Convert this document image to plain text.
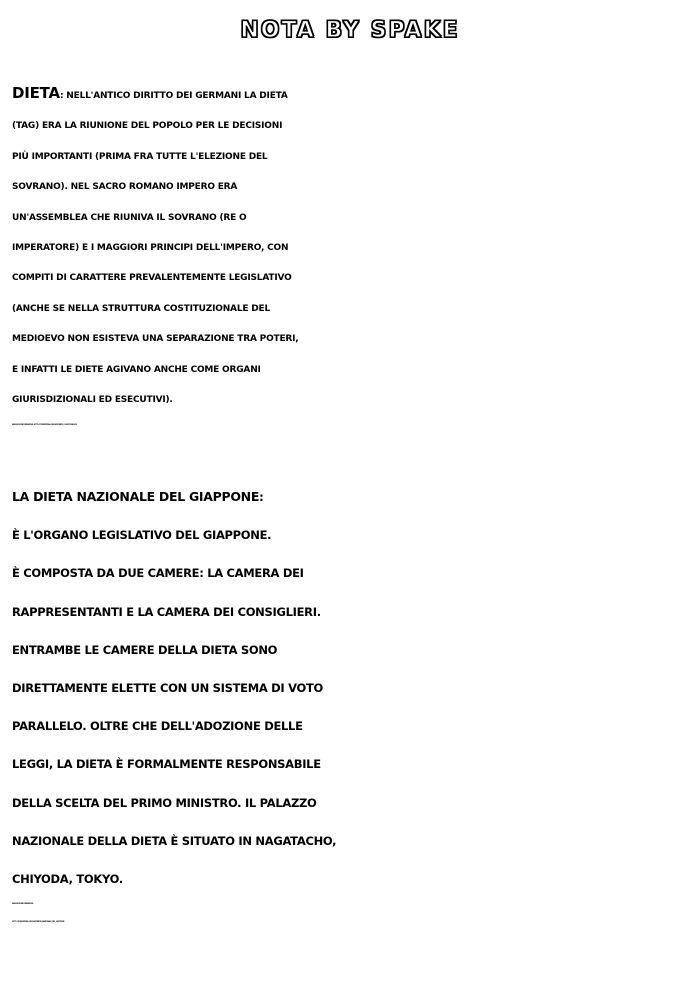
NOTA BY SPAKE
DIETA: NELL'ANTICO DIRITTO DEI GERMANI LA DIETA
(TAG) ERA LA RIUNIONE DEL POPOLO PER LE DECISIONI
PIÙ IMPORTANTI (PRIMA FRA TUTTE L'ELEZIONE DEL
SOVRANO). NEL SACRO ROMANO IMPERO ERA
UN'ASSEMBLEA CHE RIUNIVA IL SOVRANO (RE O
IMPERATORE) E I MAGGIORI PRINCIPI DELL'IMPERO, CON
COMPITI DI CARATTERE PREVALENTEMENTE LEGISLATIVO
(ANCHE SE NELLA STRUTTURA COSTITUZIONALE DEL
MEDIOEVO NON ESISTEVA UNA SEPARAZIONE TRA POTERI,
E INFATTI LE DIETE AGIVANO ANCHE COME ORGANI
GIURISDIZIONALI ED ESECUTIVI).
MAGGIORI INFORMAZIONI: HTTP://IT.WIKIPEDIA.ORG/WIKI/DIETA_%28STORIA%29
LA DIETA NAZIONALE DEL GIAPPONE:
È L'ORGANO LEGISLATIVO DEL GIAPPONE.
È COMPOSTA DA DUE CAMERE: LA CAMERA DEI
RAPPRESENTANTI E LA CAMERA DEI CONSIGLIERI.
ENTRAMBE LE CAMERE DELLA DIETA SONO
DIRETTAMENTE ELETTE CON UN SISTEMA DI VOTO
PARALLELO. OLTRE CHE DELL'ADOZIONE DELLE
LEGGI, LA DIETA È FORMALMENTE RESPONSABILE
DELLA SCELTA DEL PRIMO MINISTRO. IL PALAZZO
NAZIONALE DELLA DIETA È SITUATO IN NAGATACHO,
CHIYODA, TOKYO.
MAGGIORI INFORMAZIONI:
HTTP://IT.WIKIPEDIA.ORG/WIKI/DIETA_NAZIONALE_DEL_GIAPPONE
